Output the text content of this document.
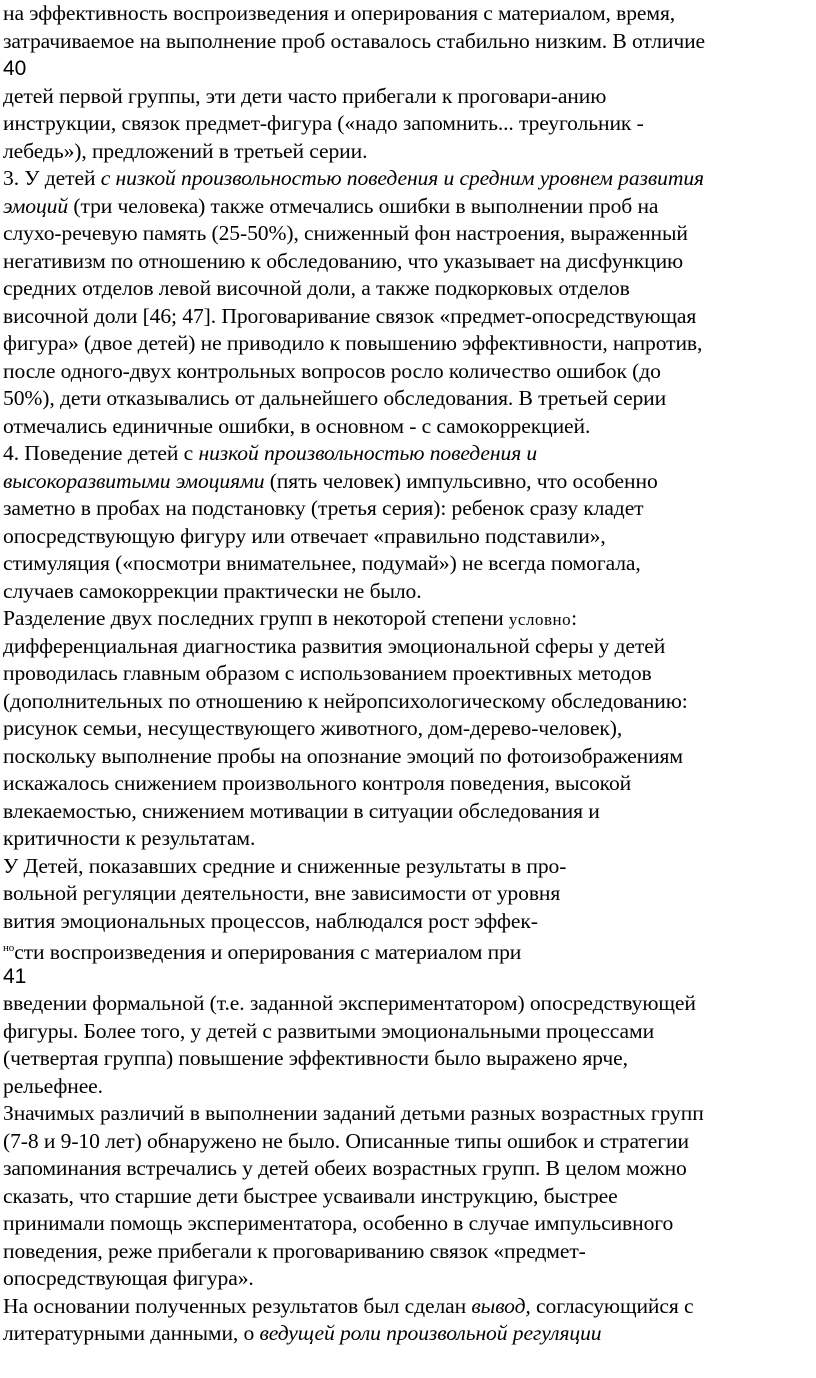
на эффективность воспроизведения и оперирования с материалом, время,
затрачиваемое на выполнение проб оставалось стабильно низким. В отличие
40
детей первой группы, эти дети часто прибегали к проговари-анию
инструкции, связок предмет-фигура («надо запомнить... треугольник -
лебедь»), предложений в третьей серии.
3. У детей с низкой произвольностью поведения и средним уровнем развития
эмоций (три человека) также отмечались ошибки в выполнении проб на
слухо-речевую память (25-50%), сниженный фон настроения, выраженный
негативизм по отношению к обследованию, что указывает на дисфункцию
средних отделов левой височной доли, а также подкорковых отделов
височной доли [46; 47]. Проговаривание связок «предмет-опосредствующая
фигура» (двое детей) не приводило к повышению эффективности, напротив,
после одного-двух контрольных вопросов росло количество ошибок (до
50%), дети отказывались от дальнейшего обследования. В третьей серии
отмечались единичные ошибки, в основном - с самокоррекцией.
4. Поведение детей с низкой произвольностью поведения и
высокоразвитыми эмоциями (пять человек) импульсивно, что особенно
заметно в пробах на подстановку (третья серия): ребенок сразу кладет
опосредствующую фигуру или отвечает «правильно подставили»,
стимуляция («посмотри внимательнее, подумай») не всегда помогала,
случаев самокоррекции практически не было.
Разделение двух последних групп в некоторой степени условно:
дифференциальная диагностика развития эмоциональной сферы у детей
проводилась главным образом с использованием проективных методов
(дополнительных по отношению к нейропсихологическому обследованию:
рисунок семьи, несуществующего животного, дом-дерево-человек),
поскольку выполнение пробы на опознание эмоций по фотоизображениям
искажалось снижением произвольного контроля поведения, высокой
влекаемостью, снижением мотивации в ситуации обследования и
критичности к результатам.
У Детей, показавших средние и сниженные результаты в про-
вольной регуляции деятельности, вне зависимости от уровня
вития эмоциональных процессов, наблюдался рост эффек-
$^{но}$сти воспроизведения и оперирования с материалом при
41
введении формальной (т.е. заданной экспериментатором) опосредствующей
фигуры. Более того, у детей с развитыми эмоциональными процессами
(четвертая группа) повышение эффективности было выражено ярче,
рельефнее.
Значимых различий в выполнении заданий детьми разных возрастных групп
(7-8 и 9-10 лет) обнаружено не было. Описанные типы ошибок и стратегии
запоминания встречались у детей обеих возрастных групп. В целом можно
сказать, что старшие дети быстрее усваивали инструкцию, быстрее
принимали помощь экспериментатора, особенно в случае импульсивного
поведения, реже прибегали к проговариванию связок «предмет-
опосредствующая фигура».
На основании полученных результатов был сделан вывод, согласующийся с
литературными данными, о ведущей роли произвольной регуляции
